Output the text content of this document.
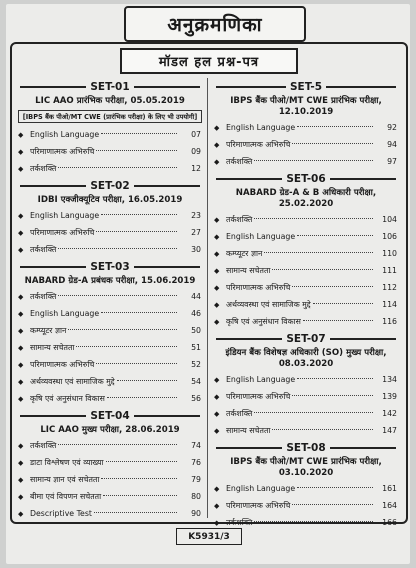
अनुक्रमणिका
मॉडल हल प्रश्न-पत्र
SET-01
LIC AAO प्रारंभिक परीक्षा, 05.05.2019
[IBPS बैंक पीओ/MT CWE (प्रारंभिक परीक्षा) के लिए भी उपयोगी]
◆ English Language	07
◆ परिमाणात्मक अभिरुचि	09
◆ तर्कशक्ति	12
SET-02
IDBI एक्जीक्यूटिव परीक्षा, 16.05.2019
◆ English Language	23
◆ परिमाणात्मक अभिरुचि	27
◆ तर्कशक्ति	30
SET-03
NABARD ग्रेड-A प्रबंधक परीक्षा, 15.06.2019
◆ तर्कशक्ति	44
◆ English Language	46
◆ कम्प्यूटर ज्ञान	50
◆ सामान्य सचेतता	51
◆ परिमाणात्मक अभिरुचि	52
◆ अर्थव्यवस्था एवं सामाजिक मुद्दे	54
◆ कृषि एवं अनुसंधान विकास	56
SET-04
LIC AAO मुख्य परीक्षा, 28.06.2019
◆ तर्कशक्ति	74
◆ डाटा विश्लेषण एवं व्याख्या	76
◆ सामान्य ज्ञान एवं सचेतता	79
◆ बीमा एवं विपणन सचेतता	80
◆ Descriptive Test	90
SET-5
IBPS बैंक पीओ/MT CWE प्रारंभिक परीक्षा, 12.10.2019
◆ English Language	92
◆ परिमाणात्मक अभिरुचि	94
◆ तर्कशक्ति	97
SET-06
NABARD ग्रेड-A & B अधिकारी परीक्षा, 25.02.2020
◆ तर्कशक्ति	104
◆ English Language	106
◆ कम्प्यूटर ज्ञान	110
◆ सामान्य सचेतता	111
◆ परिमाणात्मक अभिरुचि	112
◆ अर्थव्यवस्था एवं सामाजिक मुद्दे	114
◆ कृषि एवं अनुसंधान विकास	116
SET-07
इंडियन बैंक विशेषज्ञ अधिकारी (SO) मुख्य परीक्षा, 08.03.2020
◆ English Language	134
◆ परिमाणात्मक अभिरुचि	139
◆ तर्कशक्ति	142
◆ सामान्य सचेतता	147
SET-08
IBPS बैंक पीओ/MT CWE प्रारंभिक परीक्षा, 03.10.2020
◆ English Language	161
◆ परिमाणात्मक अभिरुचि	164
◆ तर्कशक्ति	166
K5931/3
